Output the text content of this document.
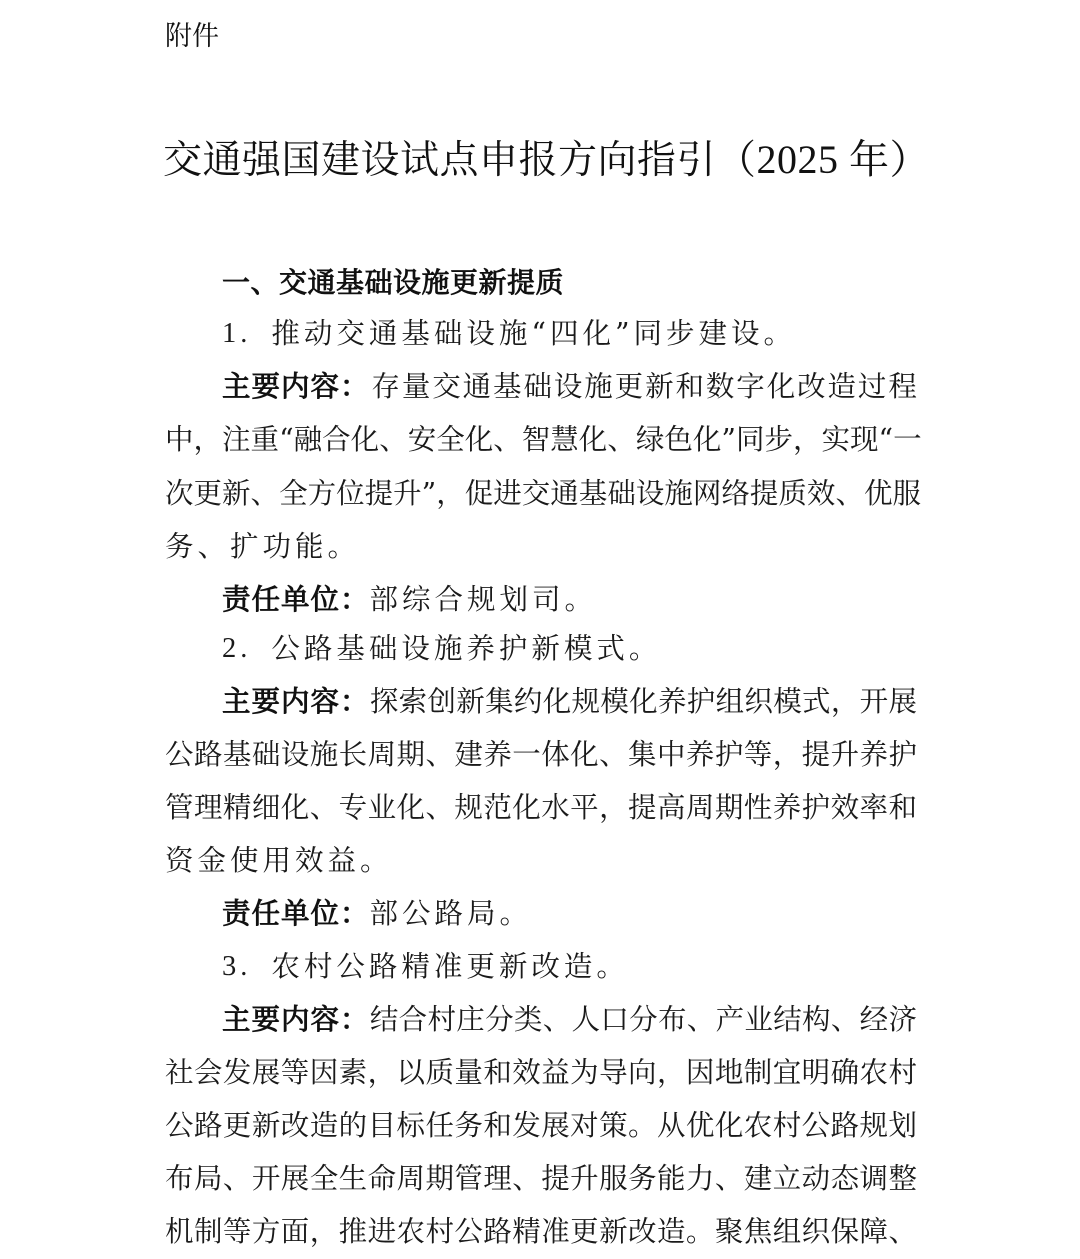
附件
交通强国建设试点申报方向指引（2025 年）
一、交通基础设施更新提质
1. 推动交通基础设施“四化”同步建设。
主要内容： 存 量 交 通 基 础 设 施 更 新 和 数 字 化 改 造 过 程
中 ， 注 重 “ 融 合 化 、 安 全 化 、 智 慧 化 、 绿 色 化 ” 同 步 ， 实 现 “ 一
次 更 新 、 全 方 位 提 升 ” ， 促 进 交 通 基 础 设 施 网 络 提 质 效 、 优 服
务、扩功能。
责任单位： 部综合规划司。
2. 公路基础设施养护新模式。
主要内容： 探 索 创 新 集 约 化 规 模 化 养 护 组 织 模 式 ， 开 展
公 路 基 础 设 施 长 周 期 、 建 养 一 体 化 、 集 中 养 护 等 ， 提 升 养 护
管 理 精 细 化 、 专 业 化 、 规 范 化 水 平 ， 提 高 周 期 性 养 护 效 率 和
资金使用效益。
责任单位： 部公路局。
3. 农村公路精准更新改造。
主要内容： 结 合 村 庄 分 类 、 人 口 分 布 、 产 业 结 构 、 经 济
社 会 发 展 等 因 素 ， 以 质 量 和 效 益 为 导 向 ， 因 地 制 宜 明 确 农 村
公 路 更 新 改 造 的 目 标 任 务 和 发 展 对 策 。 从 优 化 农 村 公 路 规 划
布 局 、 开 展 全 生 命 周 期 管 理 、 提 升 服 务 能 力 、 建 立 动 态 调 整
机 制 等 方 面 ， 推 进 农 村 公 路 精 准 更 新 改 造 。 聚 焦 组 织 保 障 、
